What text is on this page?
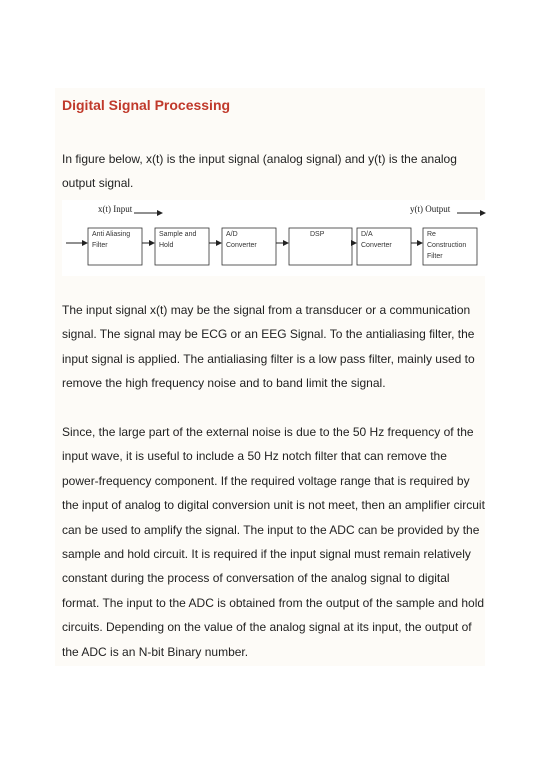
Digital Signal Processing

In figure below, x(t) is the input signal (analog signal) and y(t) is the analog output signal.

x(t) Input	y(t) Output
Anti Aliasing
Filter
Sample and
Hold
A/D
Converter
DSP	D/A
Converter
Re
Construction
Filter

The input signal x(t) may be the signal from a transducer or a communication signal. The signal may be ECG or an EEG Signal. To the antialiasing filter, the input signal is applied. The antialiasing filter is a low pass filter, mainly used to remove the high frequency noise and to band limit the signal.

Since, the large part of the external noise is due to the 50 Hz frequency of the input wave, it is useful to include a 50 Hz notch filter that can remove the power-frequency component. If the required voltage range that is required by the input of analog to digital conversion unit is not meet, then an amplifier circuit can be used to amplify the signal. The input to the ADC can be provided by the sample and hold circuit. It is required if the input signal must remain relatively constant during the process of conversation of the analog signal to digital format. The input to the ADC is obtained from the output of the sample and hold circuits. Depending on the value of the analog signal at its input, the output of the ADC is an N-bit Binary number.
